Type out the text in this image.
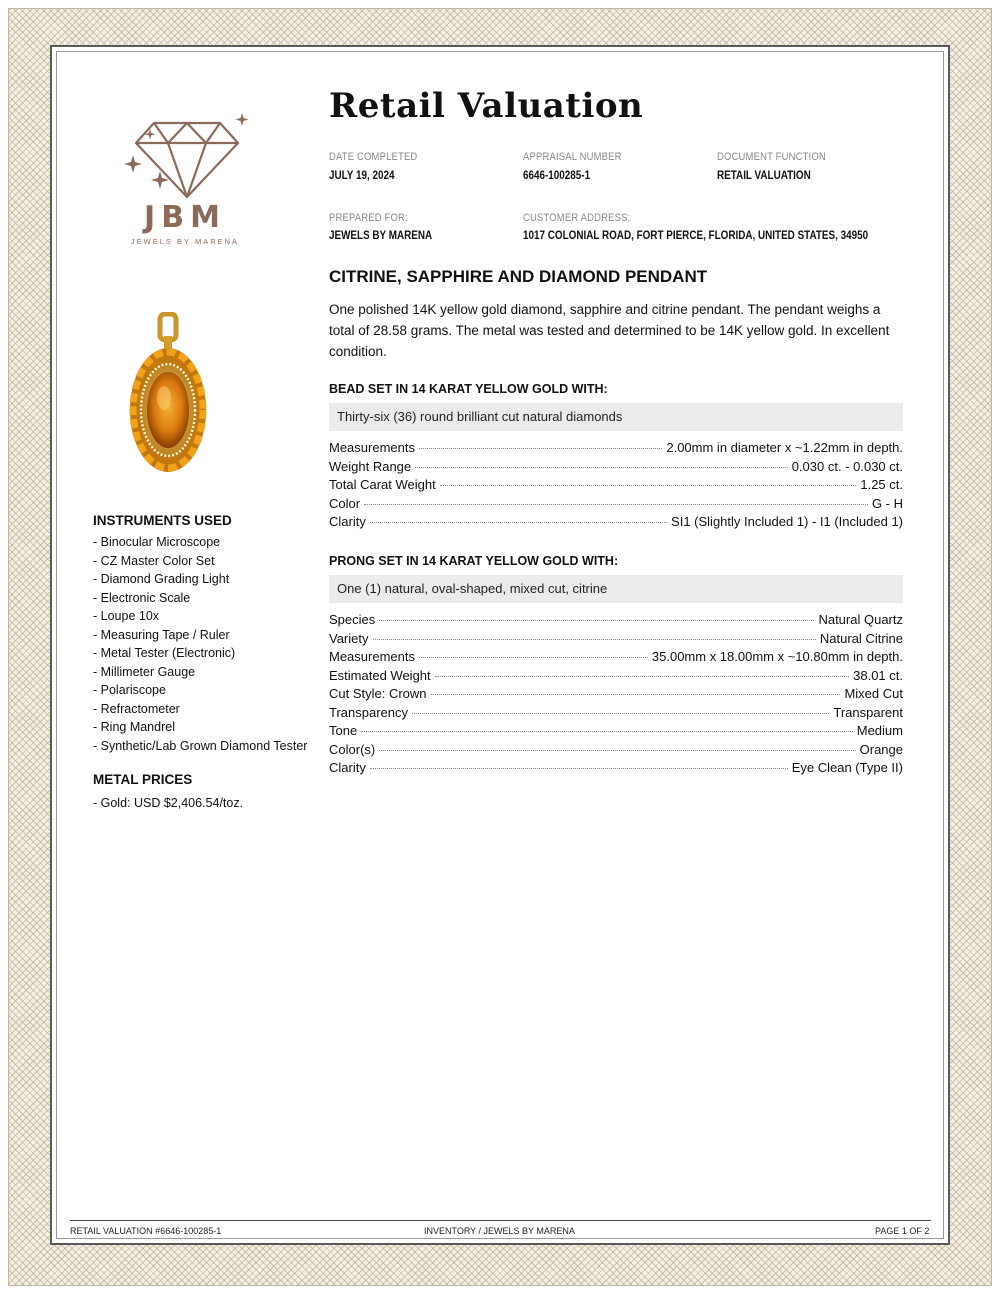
JBM
JEWELS BY MARENA
Retail Valuation
DATE COMPLETED
JULY 19, 2024
APPRAISAL NUMBER
6646-100285-1
DOCUMENT FUNCTION
RETAIL VALUATION
PREPARED FOR:
JEWELS BY MARENA
CUSTOMER ADDRESS:
1017 COLONIAL ROAD, FORT PIERCE, FLORIDA, UNITED STATES, 34950
CITRINE, SAPPHIRE AND DIAMOND PENDANT
One polished 14K yellow gold diamond, sapphire and citrine pendant. The pendant weighs a total of 28.58 grams. The metal was tested and determined to be 14K yellow gold. In excellent condition.
BEAD SET IN 14 KARAT YELLOW GOLD WITH:
Thirty-six (36) round brilliant cut natural diamonds
Measurements	2.00mm in diameter x ~1.22mm in depth.
Weight Range	0.030 ct. - 0.030 ct.
Total Carat Weight	1.25 ct.
Color	G - H
Clarity	SI1 (Slightly Included 1) - I1 (Included 1)
PRONG SET IN 14 KARAT YELLOW GOLD WITH:
One (1) natural, oval-shaped, mixed cut, citrine
Species	Natural Quartz
Variety	Natural Citrine
Measurements	35.00mm x 18.00mm x ~10.80mm in depth.
Estimated Weight	38.01 ct.
Cut Style: Crown	Mixed Cut
Transparency	Transparent
Tone	Medium
Color(s)	Orange
Clarity	Eye Clean (Type II)
INSTRUMENTS USED
- Binocular Microscope
- CZ Master Color Set
- Diamond Grading Light
- Electronic Scale
- Loupe 10x
- Measuring Tape / Ruler
- Metal Tester (Electronic)
- Millimeter Gauge
- Polariscope
- Refractometer
- Ring Mandrel
- Synthetic/Lab Grown Diamond Tester
METAL PRICES
- Gold: USD $2,406.54/toz.
RETAIL VALUATION #6646-100285-1	INVENTORY / JEWELS BY MARENA	PAGE 1 OF 2
